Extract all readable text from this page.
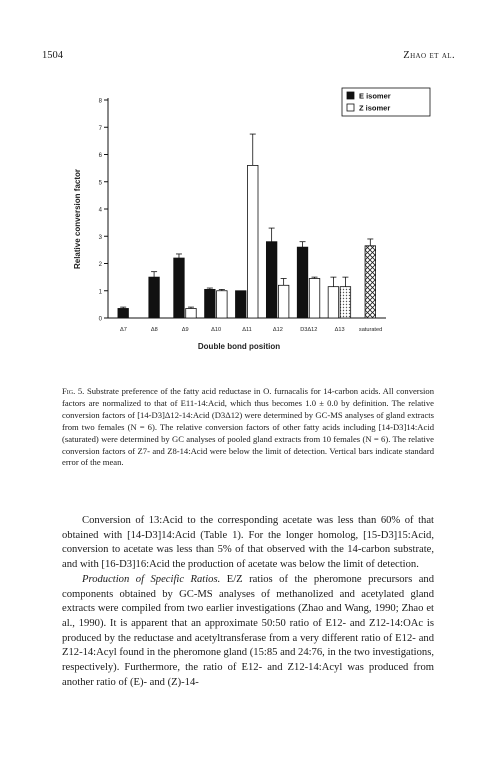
1504	Zhao et al.
0
1
2
3
4
5
6
7
8
Relative conversion factor
Double bond position
Δ7	Δ8	Δ9	Δ10	Δ11	Δ12	D3Δ12	Δ13	saturated
E isomer
Z isomer
Fig. 5. Substrate preference of the fatty acid reductase in O. furnacalis for 14-carbon acids. All conversion factors are normalized to that of E11-14:Acid, which thus becomes 1.0 ± 0.0 by definition. The relative conversion factors of [14-D3]Δ12-14:Acid (D3Δ12) were determined by GC-MS analyses of gland extracts from two females (N = 6). The relative conversion factors of other fatty acids including [14-D3]14:Acid (saturated) were determined by GC analyses of pooled gland extracts from 10 females (N = 6). The relative conversion factors of Z7- and Z8-14:Acid were below the limit of detection. Vertical bars indicate standard error of the mean.

Conversion of 13:Acid to the corresponding acetate was less than 60% of that obtained with [14-D3]14:Acid (Table 1). For the longer homolog, [15-D3]15:Acid, conversion to acetate was less than 5% of that observed with the 14-carbon substrate, and with [16-D3]16:Acid the production of acetate was below the limit of detection.

Production of Specific Ratios. E/Z ratios of the pheromone precursors and components obtained by GC-MS analyses of methanolized and acetylated gland extracts were compiled from two earlier investigations (Zhao and Wang, 1990; Zhao et al., 1990). It is apparent that an approximate 50:50 ratio of E12- and Z12-14:OAc is produced by the reductase and acetyltransferase from a very different ratio of E12- and Z12-14:Acyl found in the pheromone gland (15:85 and 24:76, in the two investigations, respectively). Furthermore, the ratio of E12- and Z12-14:Acyl was produced from another ratio of (E)- and (Z)-14-
